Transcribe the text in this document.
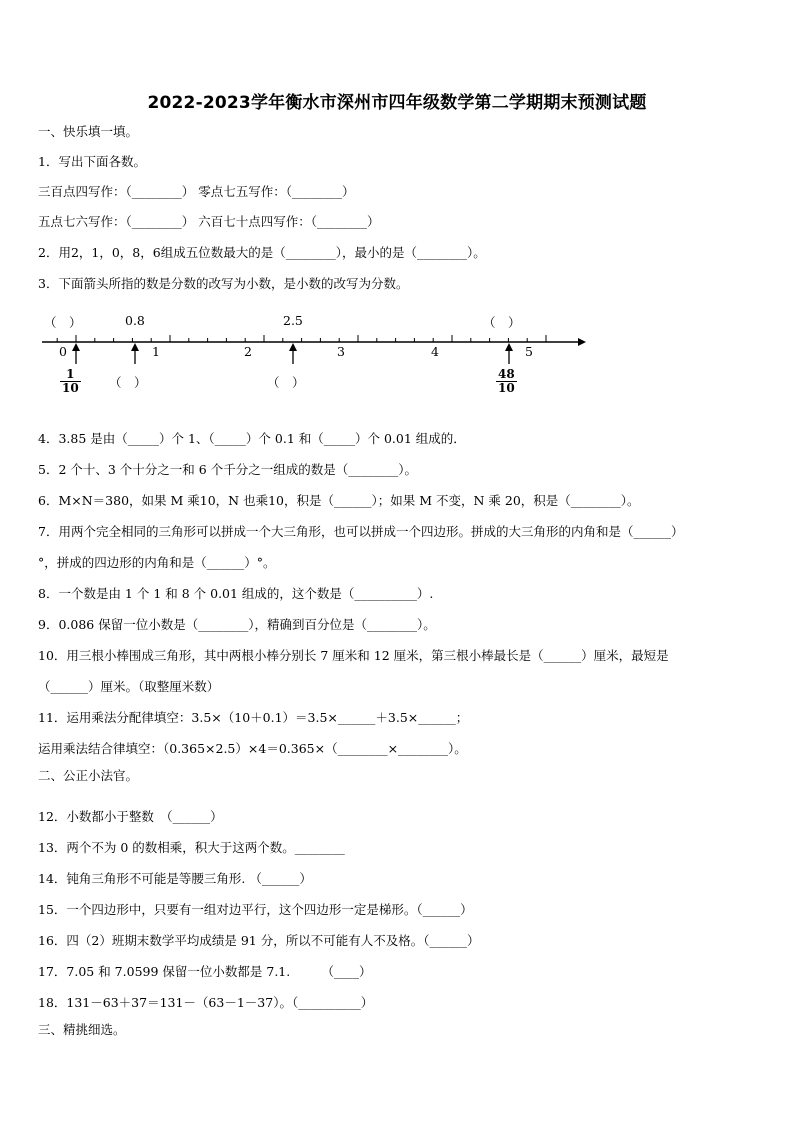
2022-2023学年衡水市深州市四年级数学第二学期期末预测试题
一、快乐填一填。
1．写出下面各数。
三百点四写作：（________） 零点七五写作：（________）
五点七六写作：（________） 六百七十点四写作：（________）
2．用2，1，0，8，6组成五位数最大的是（________），最小的是（________）。
3．下面箭头所指的数是分数的改写为小数，是小数的改写为分数。
0	1	2	3	4	5
（　）	0.8	2.5	（　）
（　）	（　）
$\frac{1}{10}$	$\frac{48}{10}$
4．3.85 是由（_____）个 1、（_____）个 0.1 和（_____）个 0.01 组成的．
5．2 个十、3 个十分之一和 6 个千分之一组成的数是（________）。
6．M×N＝380，如果 M 乘10，N 也乘10，积是（______）；如果 M 不变，N 乘 20，积是（________）。
7．用两个完全相同的三角形可以拼成一个大三角形，也可以拼成一个四边形。拼成的大三角形的内角和是（______）
°，拼成的四边形的内角和是（______）°。
8．一个数是由 1 个 1 和 8 个 0.01 组成的，这个数是（__________）.
9．0.086 保留一位小数是（________），精确到百分位是（________）。
10．用三根小棒围成三角形，其中两根小棒分别长 7 厘米和 12 厘米，第三根小棒最长是（______）厘米，最短是
（______）厘米。（取整厘米数）
11．运用乘法分配律填空：3.5×（10＋0.1）＝3.5×______＋3.5×______；
运用乘法结合律填空：（0.365×2.5）×4＝0.365×（________×________）。
二、公正小法官。
12．小数都小于整数　（______）
13．两个不为 0 的数相乘，积大于这两个数。________
14．钝角三角形不可能是等腰三角形. （______）
15．一个四边形中，只要有一组对边平行，这个四边形一定是梯形。（______）
16．四（2）班期末数学平均成绩是 91 分，所以不可能有人不及格。（______）
17．7.05 和 7.0599 保留一位小数都是 7.1.　　　（____）
18．131－63＋37＝131－（63－1－37）。（__________）
三、精挑细选。
